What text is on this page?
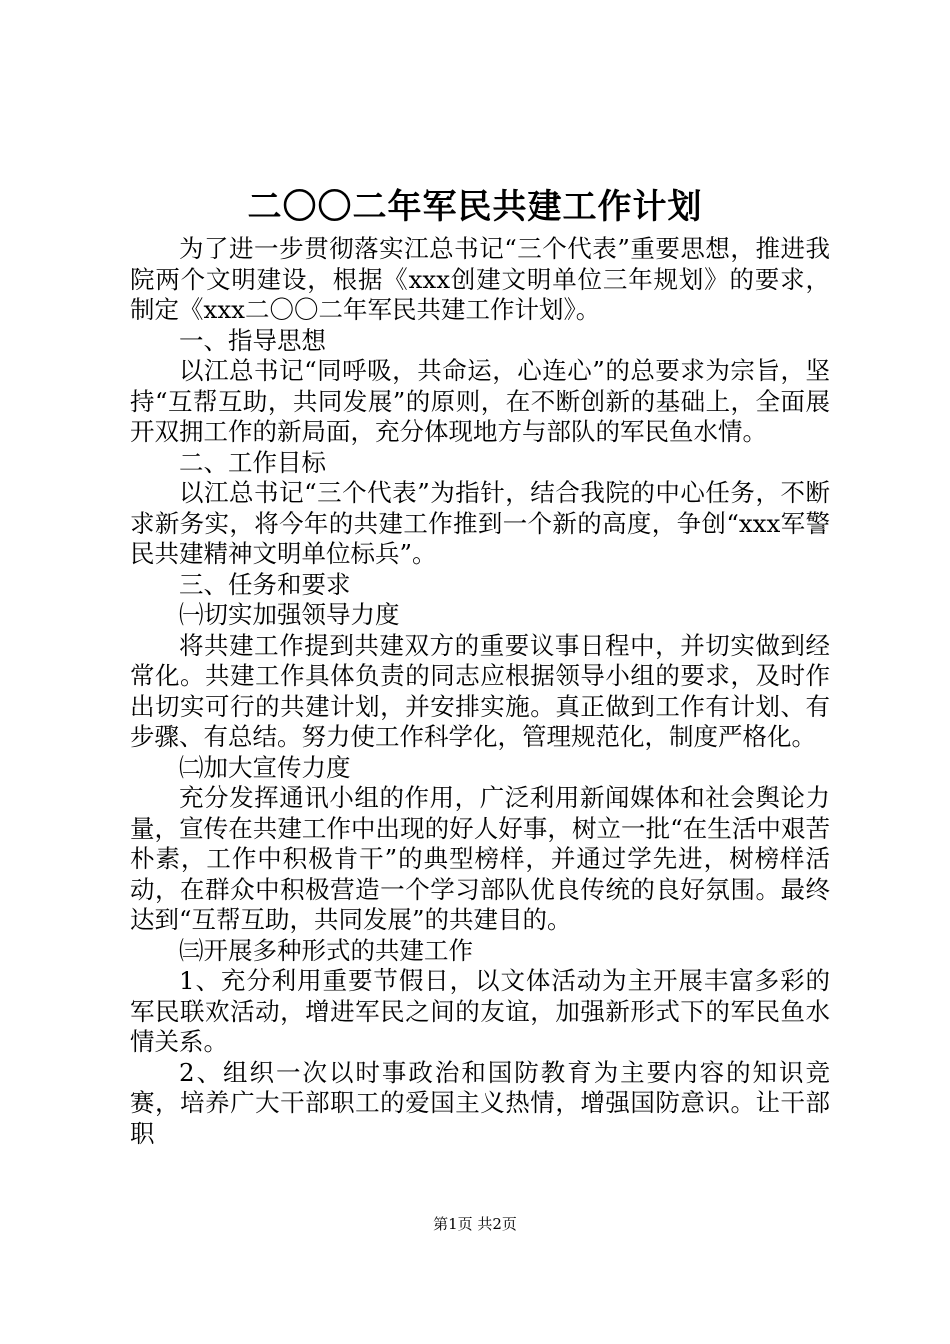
二〇〇二年军民共建工作计划

为了进一步贯彻落实江总书记“三个代表”重要思想，推进我院两个文明建设，根据《xxx创建文明单位三年规划》的要求，制定《xxx二〇〇二年军民共建工作计划》。

一、指导思想

以江总书记“同呼吸，共命运，心连心”的总要求为宗旨，坚持“互帮互助，共同发展”的原则，在不断创新的基础上，全面展开双拥工作的新局面，充分体现地方与部队的军民鱼水情。

二、工作目标

以江总书记“三个代表”为指针，结合我院的中心任务，不断求新务实，将今年的共建工作推到一个新的高度，争创“xxx军警民共建精神文明单位标兵”。

三、任务和要求

㈠切实加强领导力度

将共建工作提到共建双方的重要议事日程中，并切实做到经常化。共建工作具体负责的同志应根据领导小组的要求，及时作出切实可行的共建计划，并安排实施。真正做到工作有计划、有步骤、有总结。努力使工作科学化，管理规范化，制度严格化。

㈡加大宣传力度

充分发挥通讯小组的作用，广泛利用新闻媒体和社会舆论力量，宣传在共建工作中出现的好人好事，树立一批“在生活中艰苦朴素，工作中积极肯干”的典型榜样，并通过学先进，树榜样活动，在群众中积极营造一个学习部队优良传统的良好氛围。最终达到“互帮互助，共同发展”的共建目的。

㈢开展多种形式的共建工作

1、充分利用重要节假日，以文体活动为主开展丰富多彩的军民联欢活动，增进军民之间的友谊，加强新形式下的军民鱼水情关系。

2、组织一次以时事政治和国防教育为主要内容的知识竞赛，培养广大干部职工的爱国主义热情，增强国防意识。让干部职

第1页 共2页
